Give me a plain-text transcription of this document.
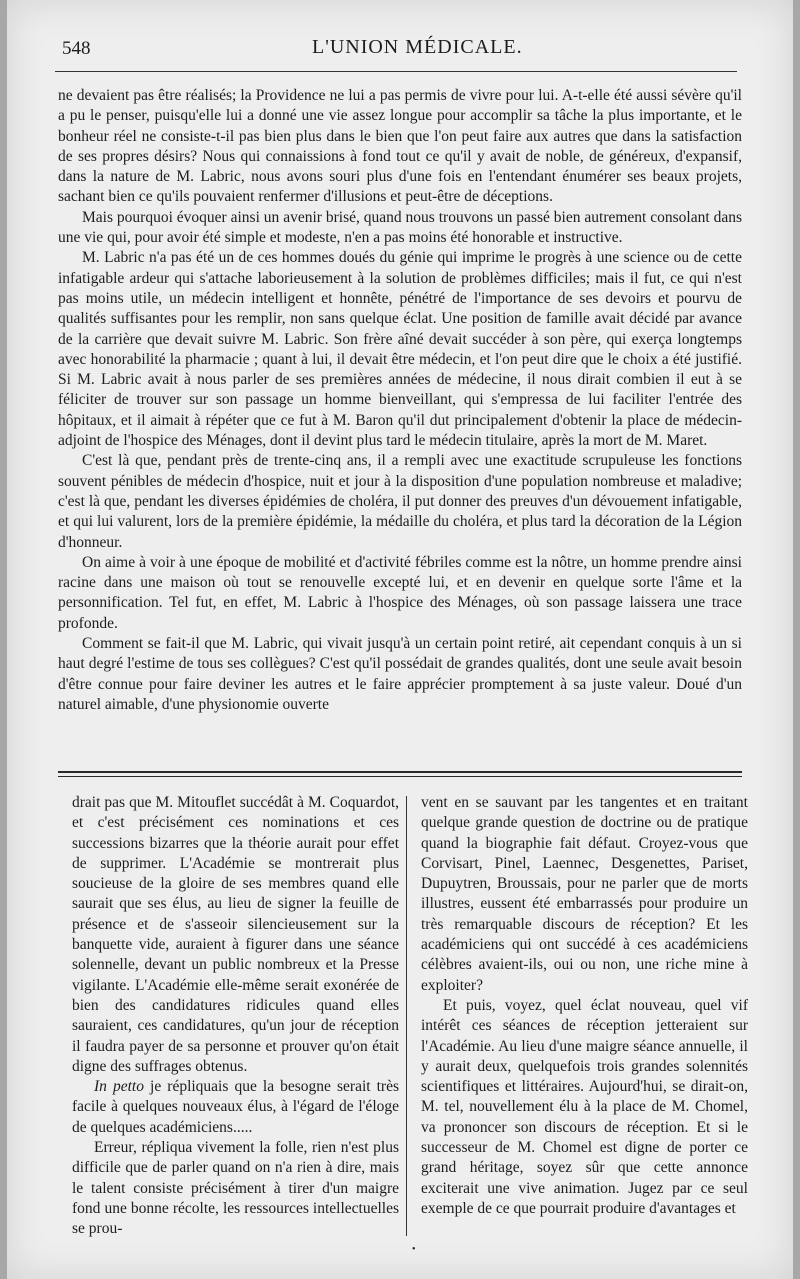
548	L'UNION MÉDICALE.

ne devaient pas être réalisés; la Providence ne lui a pas permis de vivre pour lui. A-t-elle été aussi sévère qu'il a pu le penser, puisqu'elle lui a donné une vie assez longue pour accomplir sa tâche la plus importante, et le bonheur réel ne consiste-t-il pas bien plus dans le bien que l'on peut faire aux autres que dans la satisfaction de ses propres désirs? Nous qui connaissions à fond tout ce qu'il y avait de noble, de généreux, d'expansif, dans la nature de M. Labric, nous avons souri plus d'une fois en l'entendant énumérer ses beaux projets, sachant bien ce qu'ils pouvaient renfermer d'illusions et peut-être de déceptions.

Mais pourquoi évoquer ainsi un avenir brisé, quand nous trouvons un passé bien autrement consolant dans une vie qui, pour avoir été simple et modeste, n'en a pas moins été honorable et instructive.

M. Labric n'a pas été un de ces hommes doués du génie qui imprime le progrès à une science ou de cette infatigable ardeur qui s'attache laborieusement à la solution de problèmes difficiles; mais il fut, ce qui n'est pas moins utile, un médecin intelligent et honnête, pénétré de l'importance de ses devoirs et pourvu de qualités suffisantes pour les remplir, non sans quelque éclat. Une position de famille avait décidé par avance de la carrière que devait suivre M. Labric. Son frère aîné devait succéder à son père, qui exerça longtemps avec honorabilité la pharmacie ; quant à lui, il devait être médecin, et l'on peut dire que le choix a été justifié. Si M. Labric avait à nous parler de ses premières années de médecine, il nous dirait combien il eut à se féliciter de trouver sur son passage un homme bienveillant, qui s'empressa de lui faciliter l'entrée des hôpitaux, et il aimait à répéter que ce fut à M. Baron qu'il dut principalement d'obtenir la place de médecin-adjoint de l'hospice des Ménages, dont il devint plus tard le médecin titulaire, après la mort de M. Maret.

C'est là que, pendant près de trente-cinq ans, il a rempli avec une exactitude scrupuleuse les fonctions souvent pénibles de médecin d'hospice, nuit et jour à la disposition d'une population nombreuse et maladive; c'est là que, pendant les diverses épidémies de choléra, il put donner des preuves d'un dévouement infatigable, et qui lui valurent, lors de la première épidémie, la médaille du choléra, et plus tard la décoration de la Légion d'honneur.

On aime à voir à une époque de mobilité et d'activité fébriles comme est la nôtre, un homme prendre ainsi racine dans une maison où tout se renouvelle excepté lui, et en devenir en quelque sorte l'âme et la personnification. Tel fut, en effet, M. Labric à l'hospice des Ménages, où son passage laissera une trace profonde.

Comment se fait-il que M. Labric, qui vivait jusqu'à un certain point retiré, ait cependant conquis à un si haut degré l'estime de tous ses collègues? C'est qu'il possédait de grandes qualités, dont une seule avait besoin d'être connue pour faire deviner les autres et le faire apprécier promptement à sa juste valeur. Doué d'un naturel aimable, d'une physionomie ouverte

drait pas que M. Mitouflet succédât à M. Coquardot, et c'est précisément ces nominations et ces successions bizarres que la théorie aurait pour effet de supprimer. L'Académie se montrerait plus soucieuse de la gloire de ses membres quand elle saurait que ses élus, au lieu de signer la feuille de présence et de s'asseoir silencieusement sur la banquette vide, auraient à figurer dans une séance solennelle, devant un public nombreux et la Presse vigilante. L'Académie elle-même serait exonérée de bien des candidatures ridicules quand elles sauraient, ces candidatures, qu'un jour de réception il faudra payer de sa personne et prouver qu'on était digne des suffrages obtenus.

In petto je répliquais que la besogne serait très facile à quelques nouveaux élus, à l'égard de l'éloge de quelques académiciens.....

Erreur, répliqua vivement la folle, rien n'est plus difficile que de parler quand on n'a rien à dire, mais le talent consiste précisément à tirer d'un maigre fond une bonne récolte, les ressources intellectuelles se prou-

vent en se sauvant par les tangentes et en traitant quelque grande question de doctrine ou de pratique quand la biographie fait défaut. Croyez-vous que Corvisart, Pinel, Laennec, Desgenettes, Pariset, Dupuytren, Broussais, pour ne parler que de morts illustres, eussent été embarrassés pour produire un très remarquable discours de réception? Et les académiciens qui ont succédé à ces académiciens célèbres avaient-ils, oui ou non, une riche mine à exploiter?

Et puis, voyez, quel éclat nouveau, quel vif intérêt ces séances de réception jetteraient sur l'Académie. Au lieu d'une maigre séance annuelle, il y aurait deux, quelquefois trois grandes solennités scientifiques et littéraires. Aujourd'hui, se dirait-on, M. tel, nouvellement élu à la place de M. Chomel, va prononcer son discours de réception. Et si le successeur de M. Chomel est digne de porter ce grand héritage, soyez sûr que cette annonce exciterait une vive animation. Jugez par ce seul exemple de ce que pourrait produire d'avantages et

•
